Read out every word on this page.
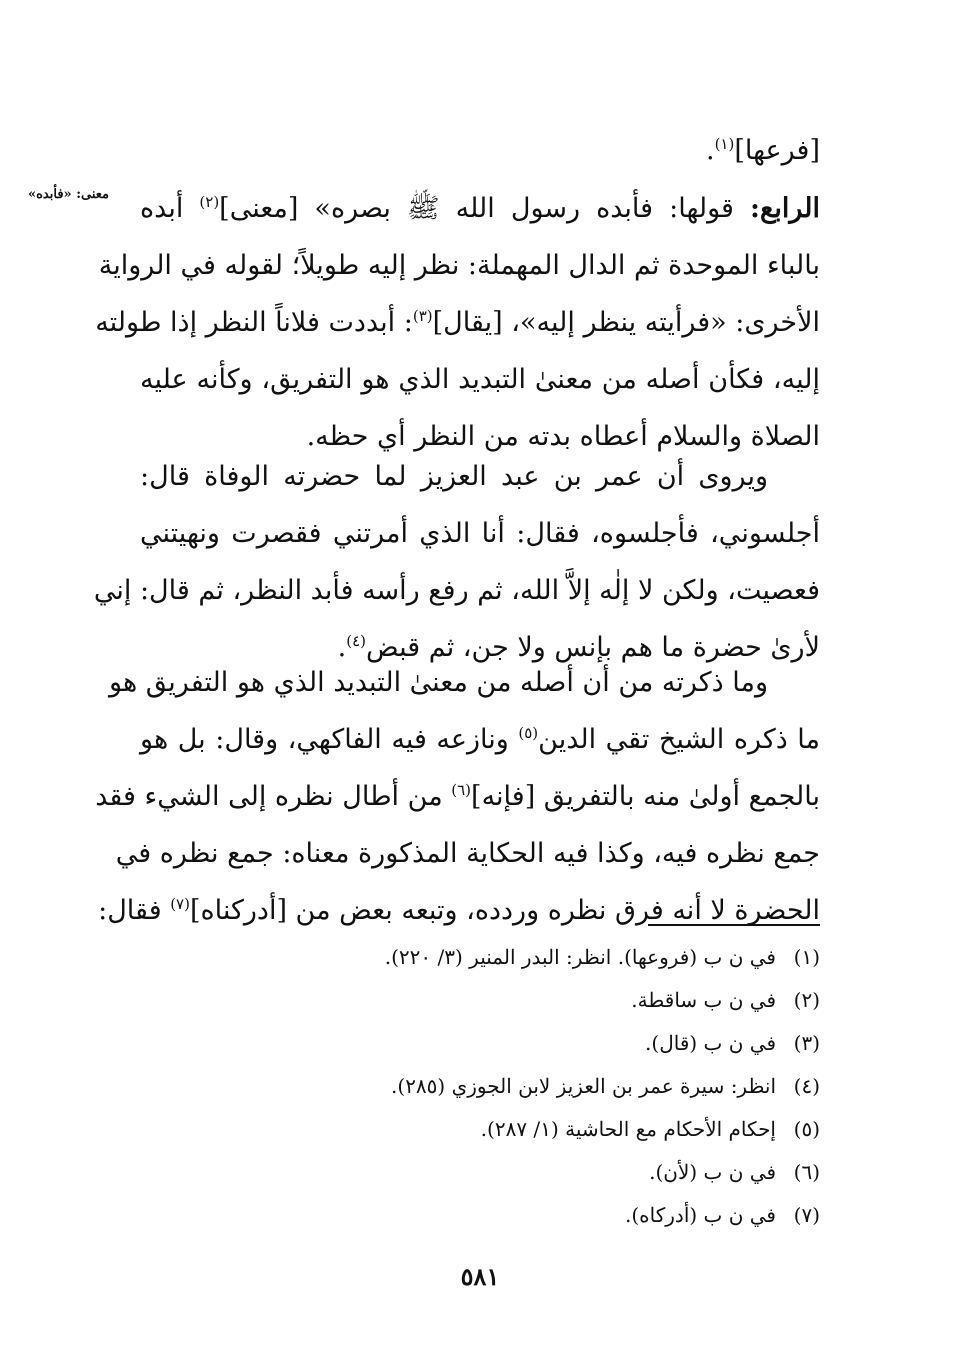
معنى: «فأبده»
[فرعها]$^{(١)}$.
الرابع: قولها: فأبده رسول الله ﷺ بصره» [معنى]$^{(٢)}$ أبده
بالباء الموحدة ثم الدال المهملة: نظر إليه طويلاً؛ لقوله في الرواية
الأخرى: «فرأيته ينظر إليه»، [يقال]$^{(٣)}$: أبددت فلاناً النظر إذا طولته
إليه، فكأن أصله من معنىٰ التبديد الذي هو التفريق، وكأنه عليه
الصلاة والسلام أعطاه بدته من النظر أي حظه.
ويروى أن عمر بن عبد العزيز لما حضرته الوفاة قال:
أجلسوني، فأجلسوه، فقال: أنا الذي أمرتني فقصرت ونهيتني
فعصيت، ولكن لا إلٰه إلاَّ الله، ثم رفع رأسه فأبد النظر، ثم قال: إني
لأرىٰ حضرة ما هم بإنس ولا جن، ثم قبض$^{(٤)}$.
وما ذكرته من أن أصله من معنىٰ التبديد الذي هو التفريق هو
ما ذكره الشيخ تقي الدين$^{(٥)}$ ونازعه فيه الفاكهي، وقال: بل هو
بالجمع أولىٰ منه بالتفريق [فإنه]$^{(٦)}$ من أطال نظره إلى الشيء فقد
جمع نظره فيه، وكذا فيه الحكاية المذكورة معناه: جمع نظره في
الحضرة لا أنه فرق نظره وردده، وتبعه بعض من [أدركناه]$^{(٧)}$ فقال:
(١)في ن ب (فروعها). انظر: البدر المنير (٣/ ٢٢٠).
(٢)في ن ب ساقطة.
(٣)في ن ب (قال).
(٤)انظر: سيرة عمر بن العزيز لابن الجوزي (٢٨٥).
(٥)إحكام الأحكام مع الحاشية (١/ ٢٨٧).
(٦)في ن ب (لأن).
(٧)في ن ب (أدركاه).
٥٨١
